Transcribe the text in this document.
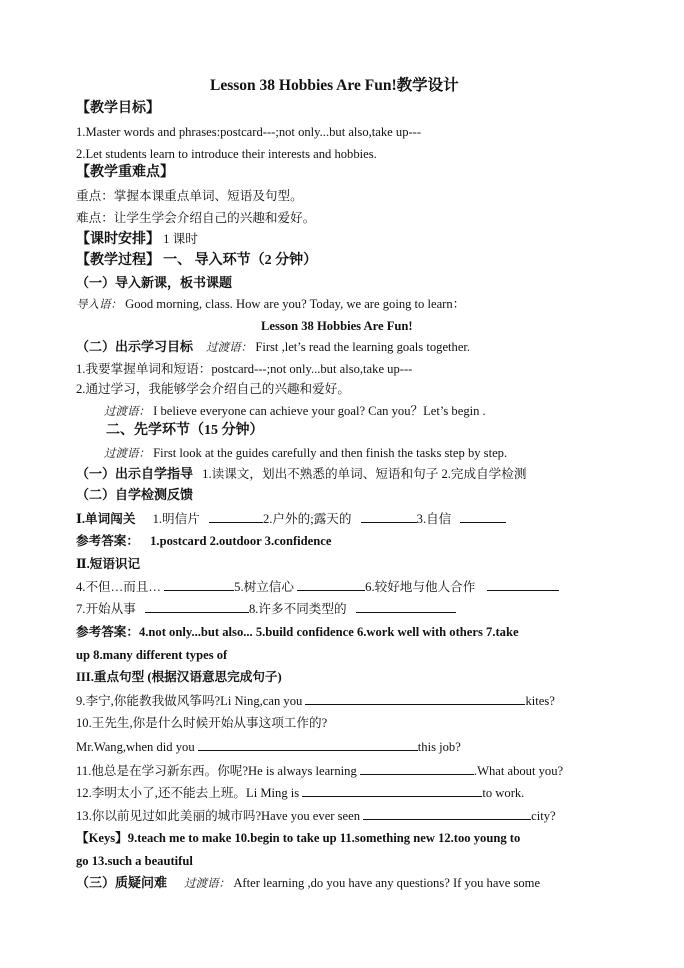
Lesson 38 Hobbies Are Fun!教学设计
【教学目标】
1.Master words and phrases:postcard---;not only...but also,take up---
2.Let students learn to introduce their interests and hobbies.
【教学重难点】
重点：掌握本课重点单词、短语及句型。
难点：让学生学会介绍自己的兴趣和爱好。
【课时安排】 1 课时
【教学过程】 一、 导入环节（2 分钟）
（一）导入新课，板书课题
导入语： Good morning, class. How are you? Today, we are going to learn：
Lesson 38 Hobbies Are Fun!
（二）出示学习目标 过渡语： First ,let’s read the learning goals together.
1.我要掌握单词和短语：postcard---;not only...but also,take up---
2.通过学习，我能够学会介绍自己的兴趣和爱好。
过渡语： I believe everyone can achieve your goal? Can you？Let’s begin .
二、先学环节（15 分钟）
过渡语： First look at the guides carefully and then finish the tasks step by step.
（一）出示自学指导 1.读课文，划出不熟悉的单词、短语和句子 2.完成自学检测
（二）自学检测反馈
Ⅰ.单词闯关 1.明信片	2.户外的;露天的	3.自信
参考答案： 1.postcard 2.outdoor 3.confidence
Ⅱ.短语识记
4.不但…而且…	5.树立信心	6.较好地与他人合作
7.开始从事	8.许多不同类型的
参考答案：4.not only...but also... 5.build confidence 6.work well with others 7.take
up 8.many different types of
III.重点句型 (根据汉语意思完成句子)
9.李宁,你能教我做风筝吗?Li Ning,can you	kites?
10.王先生,你是什么时候开始从事这项工作的?
Mr.Wang,when did you	this job?
11.他总是在学习新东西。你呢?He is always learning	.What about you?
12.李明太小了,还不能去上班。Li Ming is	to work.
13.你以前见过如此美丽的城市吗?Have you ever seen	city?
【Keys】9.teach me to make 10.begin to take up 11.something new 12.too young to
go 13.such a beautiful
（三）质疑问难 过渡语： After learning ,do you have any questions? If you have some
